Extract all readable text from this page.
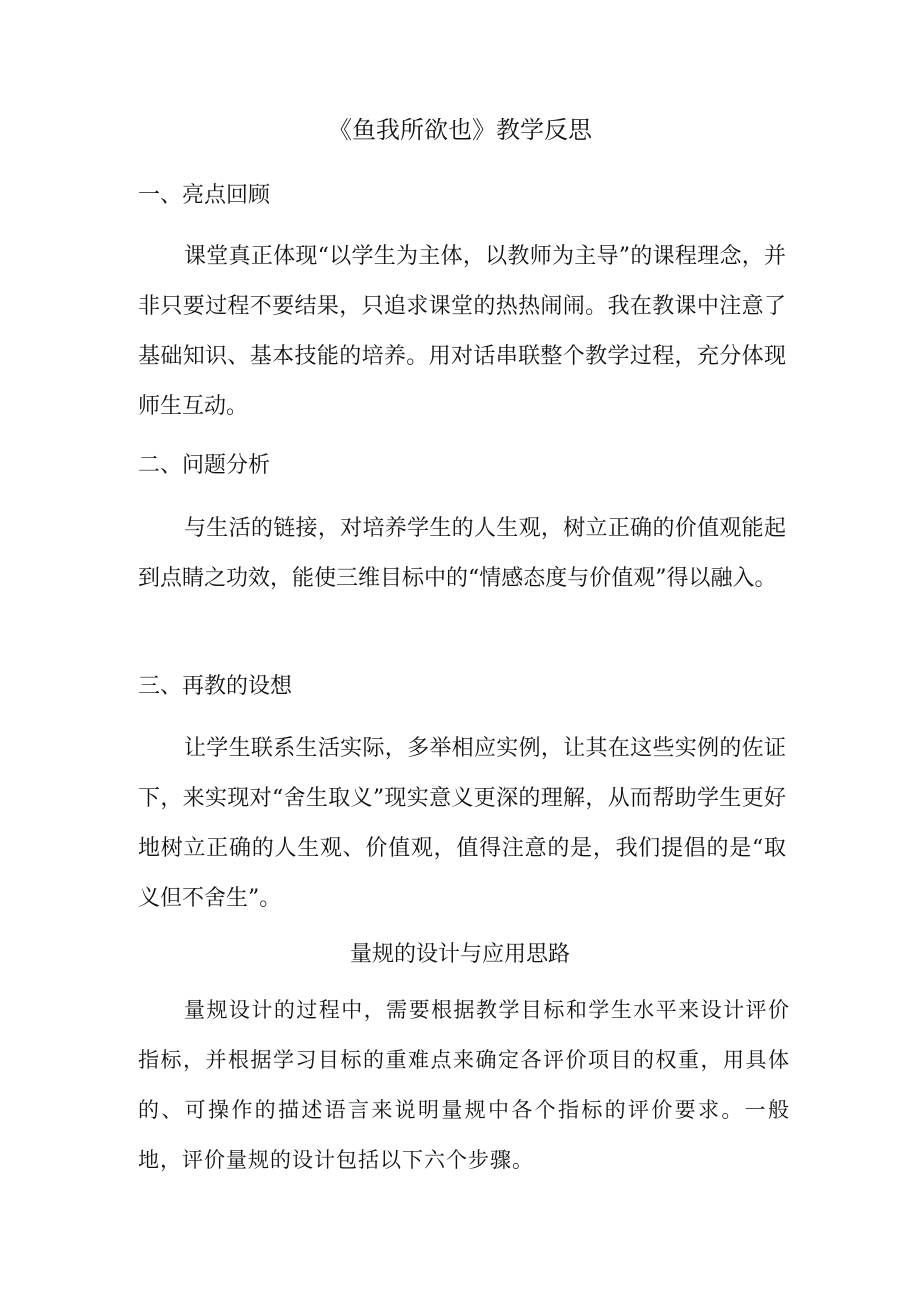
《鱼我所欲也》教学反思
一、亮点回顾

课堂真正体现“以学生为主体，以教师为主导”的课程理念，并非只要过程不要结果，只追求课堂的热热闹闹。我在教课中注意了基础知识、基本技能的培养。用对话串联整个教学过程，充分体现师生互动。

二、问题分析

与生活的链接，对培养学生的人生观，树立正确的价值观能起到点睛之功效，能使三维目标中的“情感态度与价值观”得以融入。

三、再教的设想

让学生联系生活实际，多举相应实例，让其在这些实例的佐证下，来实现对“舍生取义”现实意义更深的理解，从而帮助学生更好地树立正确的人生观、价值观，值得注意的是，我们提倡的是“取义但不舍生”。

量规的设计与应用思路

量规设计的过程中，需要根据教学目标和学生水平来设计评价指标，并根据学习目标的重难点来确定各评价项目的权重，用具体的、可操作的描述语言来说明量规中各个指标的评价要求。一般地，评价量规的设计包括以下六个步骤。
